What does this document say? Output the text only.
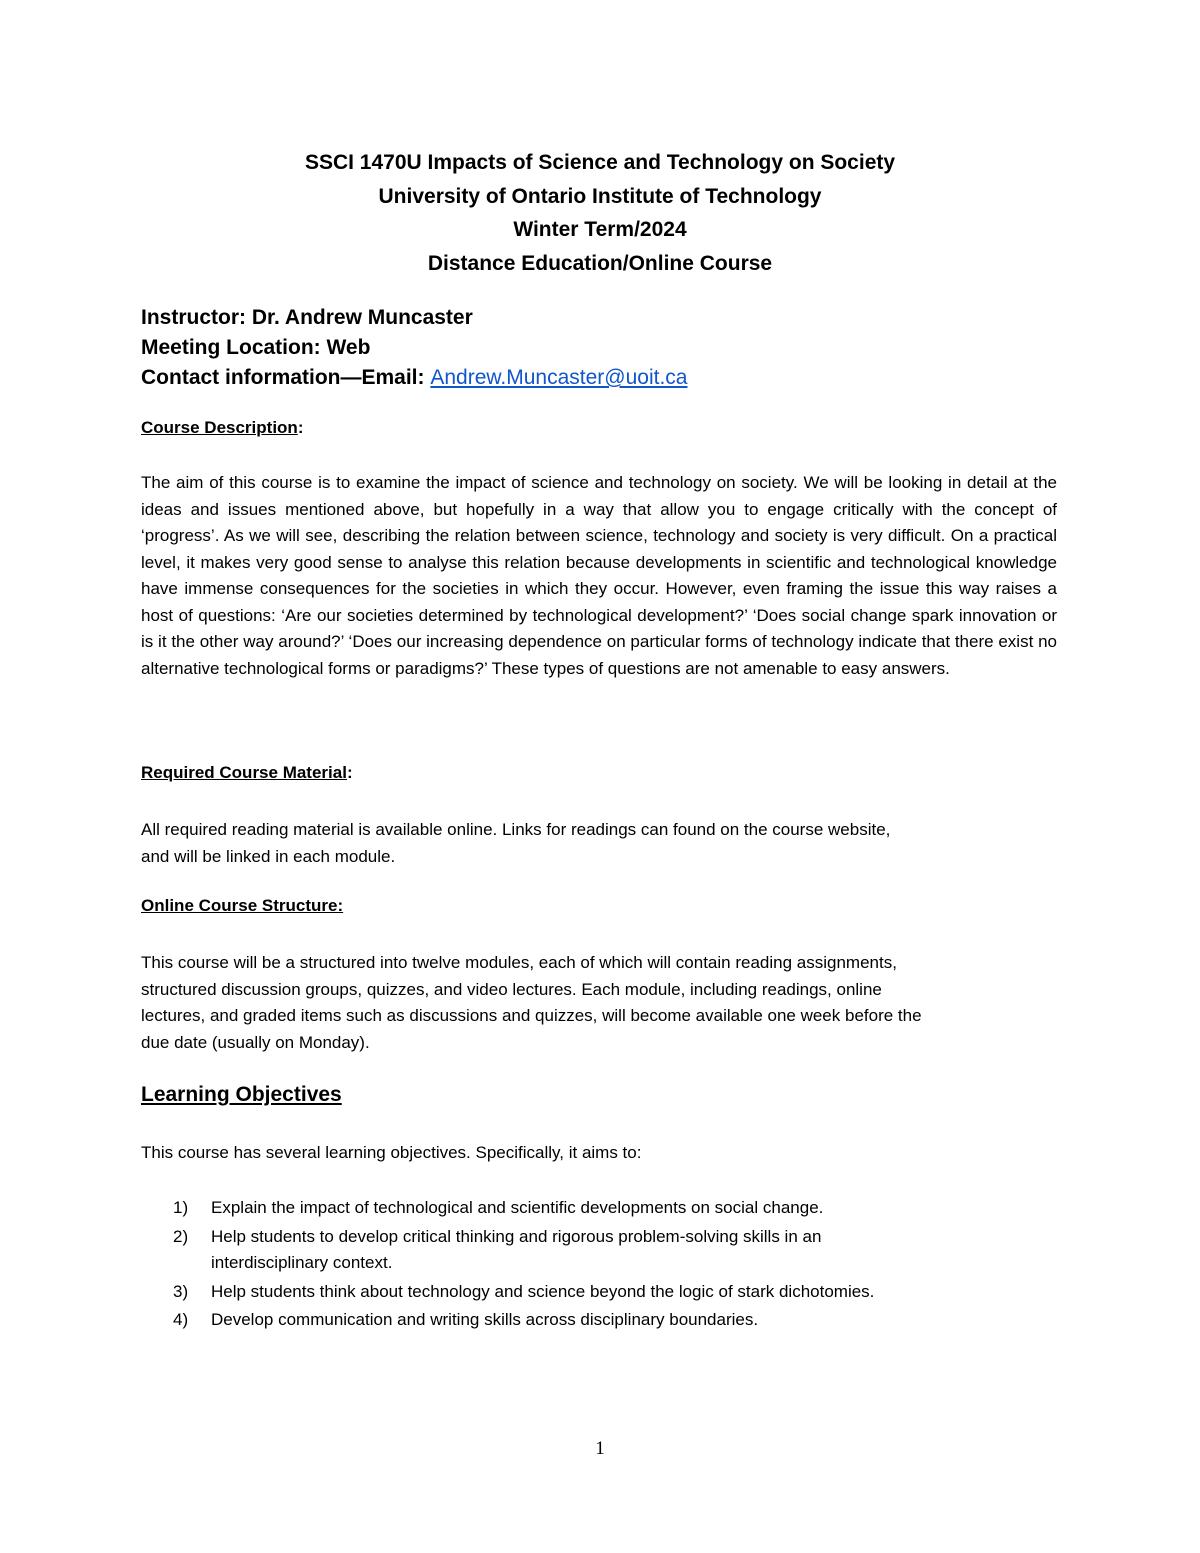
SSCI 1470U Impacts of Science and Technology on Society
University of Ontario Institute of Technology
Winter Term/2024
Distance Education/Online Course
Instructor: Dr. Andrew Muncaster
Meeting Location: Web
Contact information—Email: Andrew.Muncaster@uoit.ca
Course Description:
The aim of this course is to examine the impact of science and technology on society. We will be looking in detail at the ideas and issues mentioned above, but hopefully in a way that allow you to engage critically with the concept of ‘progress’. As we will see, describing the relation between science, technology and society is very difficult. On a practical level, it makes very good sense to analyse this relation because developments in scientific and technological knowledge have immense consequences for the societies in which they occur. However, even framing the issue this way raises a host of questions: ‘Are our societies determined by technological development?’ ‘Does social change spark innovation or is it the other way around?’ ‘Does our increasing dependence on particular forms of technology indicate that there exist no alternative technological forms or paradigms?’ These types of questions are not amenable to easy answers.
Required Course Material:
All required reading material is available online. Links for readings can found on the course website,
and will be linked in each module.
Online Course Structure:
This course will be a structured into twelve modules, each of which will contain reading assignments,
structured discussion groups, quizzes, and video lectures. Each module, including readings, online
lectures, and graded items such as discussions and quizzes, will become available one week before the
due date (usually on Monday).
Learning Objectives
This course has several learning objectives. Specifically, it aims to:
1) Explain the impact of technological and scientific developments on social change.
2) Help students to develop critical thinking and rigorous problem-solving skills in an
interdisciplinary context.
3) Help students think about technology and science beyond the logic of stark dichotomies.
4) Develop communication and writing skills across disciplinary boundaries.
1
